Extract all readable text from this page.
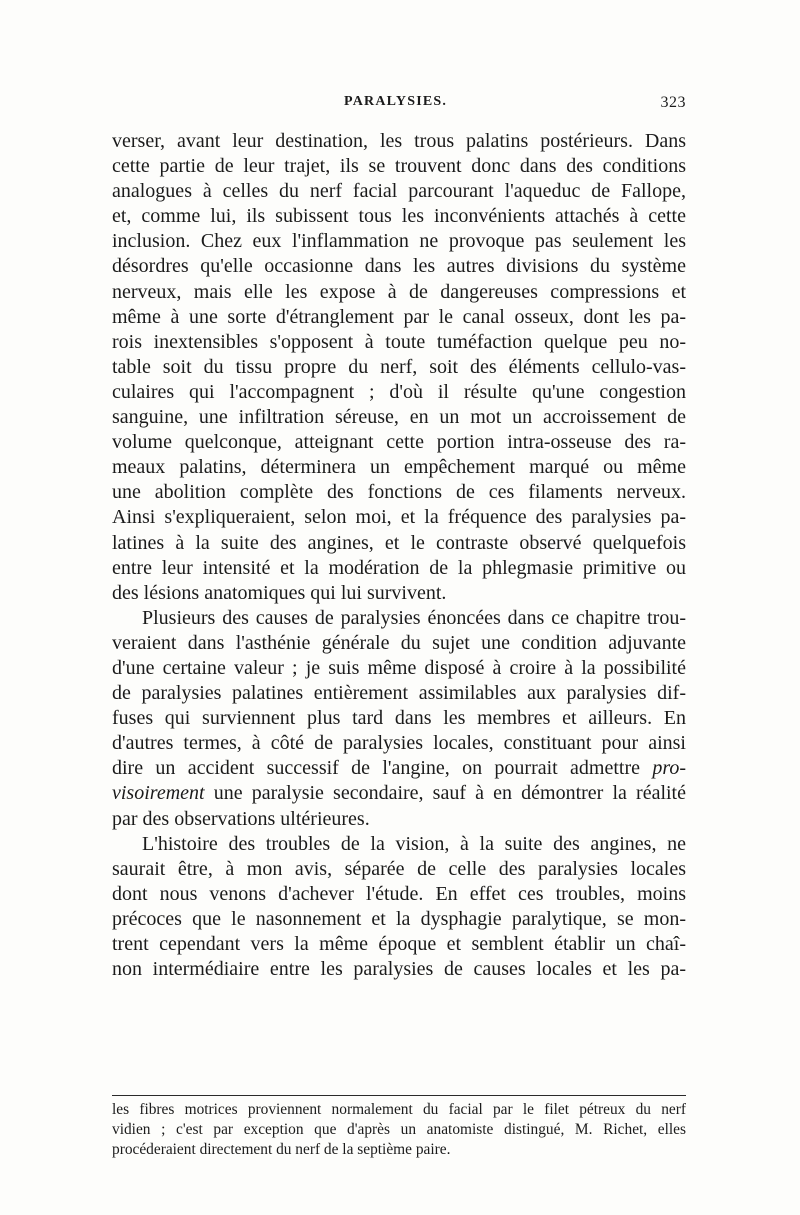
PARALYSIES.	323
verser, avant leur destination, les trous palatins postérieurs. Dans
cette partie de leur trajet, ils se trouvent donc dans des conditions
analogues à celles du nerf facial parcourant l'aqueduc de Fallope,
et, comme lui, ils subissent tous les inconvénients attachés à cette
inclusion. Chez eux l'inflammation ne provoque pas seulement les
désordres qu'elle occasionne dans les autres divisions du système
nerveux, mais elle les expose à de dangereuses compressions et
même à une sorte d'étranglement par le canal osseux, dont les pa-
rois inextensibles s'opposent à toute tuméfaction quelque peu no-
table soit du tissu propre du nerf, soit des éléments cellulo-vas-
culaires qui l'accompagnent ; d'où il résulte qu'une congestion
sanguine, une infiltration séreuse, en un mot un accroissement de
volume quelconque, atteignant cette portion intra-osseuse des ra-
meaux palatins, déterminera un empêchement marqué ou même
une abolition complète des fonctions de ces filaments nerveux.
Ainsi s'expliqueraient, selon moi, et la fréquence des paralysies pa-
latines à la suite des angines, et le contraste observé quelquefois
entre leur intensité et la modération de la phlegmasie primitive ou
des lésions anatomiques qui lui survivent.
Plusieurs des causes de paralysies énoncées dans ce chapitre trou-
veraient dans l'asthénie générale du sujet une condition adjuvante
d'une certaine valeur ; je suis même disposé à croire à la possibilité
de paralysies palatines entièrement assimilables aux paralysies dif-
fuses qui surviennent plus tard dans les membres et ailleurs. En
d'autres termes, à côté de paralysies locales, constituant pour ainsi
dire un accident successif de l'angine, on pourrait admettre pro-
visoirement une paralysie secondaire, sauf à en démontrer la réalité
par des observations ultérieures.
L'histoire des troubles de la vision, à la suite des angines, ne
saurait être, à mon avis, séparée de celle des paralysies locales
dont nous venons d'achever l'étude. En effet ces troubles, moins
précoces que le nasonnement et la dysphagie paralytique, se mon-
trent cependant vers la même époque et semblent établir un chaî-
non intermédiaire entre les paralysies de causes locales et les pa-
les fibres motrices proviennent normalement du facial par le filet pétreux du nerf
vidien ; c'est par exception que d'après un anatomiste distingué, M. Richet, elles
procéderaient directement du nerf de la septième paire.
